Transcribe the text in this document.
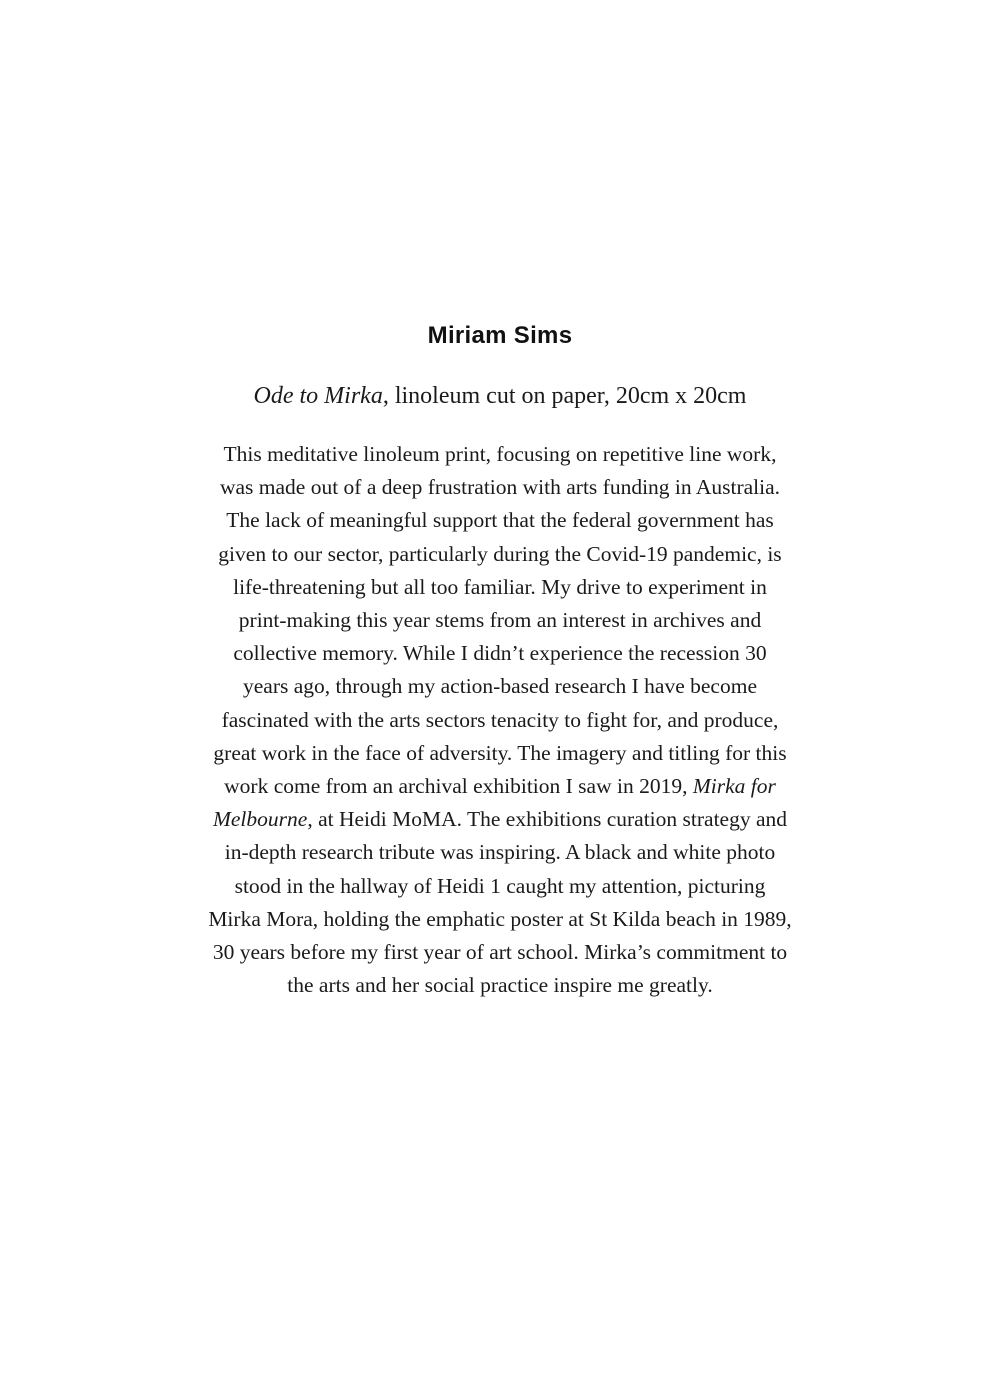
Miriam Sims
Ode to Mirka, linoleum cut on paper, 20cm x 20cm
This meditative linoleum print, focusing on repetitive line work,
was made out of a deep frustration with arts funding in Australia.
The lack of meaningful support that the federal government has
given to our sector, particularly during the Covid-19 pandemic, is
life-threatening but all too familiar. My drive to experiment in
print-making this year stems from an interest in archives and
collective memory. While I didn’t experience the recession 30
years ago, through my action-based research I have become
fascinated with the arts sectors tenacity to fight for, and produce,
great work in the face of adversity. The imagery and titling for this
work come from an archival exhibition I saw in 2019, Mirka for
Melbourne, at Heidi MoMA. The exhibitions curation strategy and
in-depth research tribute was inspiring. A black and white photo
stood in the hallway of Heidi 1 caught my attention, picturing
Mirka Mora, holding the emphatic poster at St Kilda beach in 1989,
30 years before my first year of art school. Mirka’s commitment to
the arts and her social practice inspire me greatly.
